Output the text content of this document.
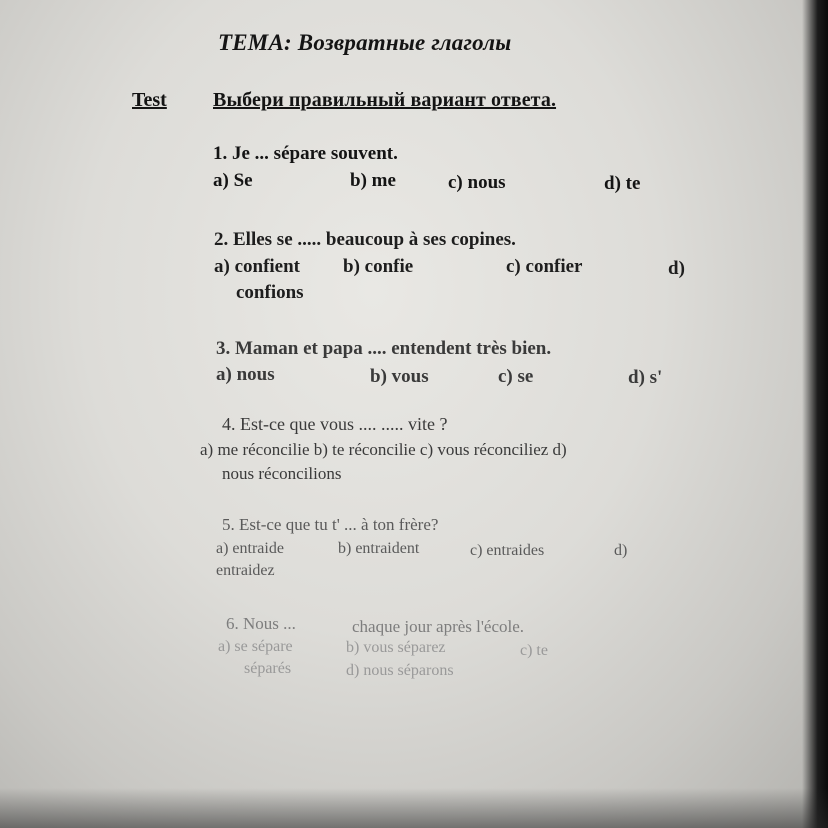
ТЕМА: Возвратные глаголы
Test Выбери правильный вариант ответа.
1. Je ... sépare souvent.
a) Se	b) me	c) nous	d) te
2. Elles se ..... beaucoup à ses copines.
a) confient b) confie	c) confier	d)
confions
3. Maman et papa .... entendent très bien.
a) nous	b) vous	c) se	d) s'
4. Est-ce que vous .... ..... vite ?
a) me réconcilie b) te réconcilie c) vous réconciliez d)
nous réconcilions
5. Est-ce que tu t' ... à ton frère?
a) entraide	b) entraident	c) entraides	d)
entraidez
6. Nous ...	chaque jour après l'école.
a) se sépare	b) vous séparez	c) te
séparés	d) nous séparons
